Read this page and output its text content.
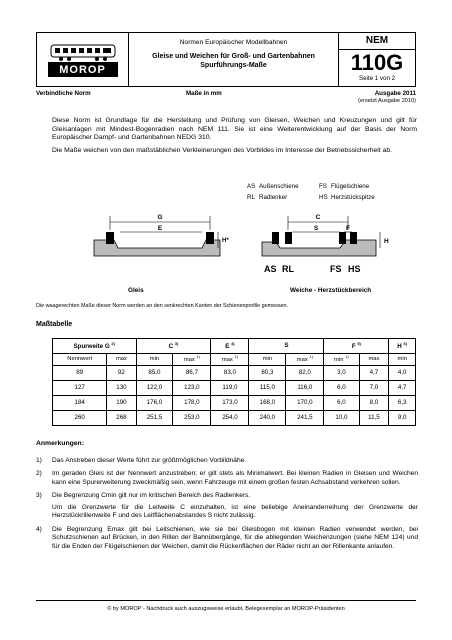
MOROP
Normen Europäischer Modellbahnen
Gleise und Weichen für Groß- und Gartenbahnen
Spurführungs-Maße
NEM
110G
Seite 1 von 2
Verbindliche Norm	Maße in mm	Ausgabe 2011
(ersetzt Ausgabe 2010)

Diese Norm ist Grundlage für die Herstellung und Prüfung von Gleisen, Weichen und Kreuzungen und gilt für Gleisanlagen mit Mindest-Bogenradien nach NEM 111. Sie ist eine Weiterentwicklung auf der Basis der Norm Europäischer Dampf- und Gartenbahnen NEDG 310.

Die Maße weichen von den maßstäblichen Verkleinerungen des Vorbildes im Interesse der Betriebssicherheit ab.

AS Außenschiene	FS Flügelschiene
RL Radlenker	HS Herzstückspitze
G
E
H*
C
S	F
H
AS RL	FS HS
Gleis	Weiche - Herzstückbereich
Die waagerechten Maße dieser Norm werden an den senkrechten Kanten der Schienenprofile gemessen.
Maßtabelle
Spurweite G $^{2)}$		C $^{3)}$		E $^{4)}$	S		F $^{5)}$		H $^{6)}$
Nennwert	max	min	max $^{1)}$	max $^{1)}$	min	max $^{1)}$	min $^{1)}$	max	min
89	92	85,0	86,7	83,0	80,3	82,0	3,0	4,7	4,0
127	130	122,0	123,0	119,0	115,0	116,0	6,0	7,0	4,7
184	190	176,0	178,0	173,0	168,0	170,0	6,0	8,0	6,3
260	268	251,5	253,0	254,0	240,0	241,5	10,0	11,5	9,0
Anmerkungen:
1)	Das Anstreben dieser Werte führt zur größtmöglichen Vorbildnähe.
2)	Im geraden Gleis ist der Nennwert anzustreben; er gilt stets als Minimalwert. Bei kleinen Radien in Gleisen und Weichen kann eine Spurerweiterung zweckmäßig sein, wenn Fahrzeuge mit einem großen festen Achsabstand verkehren sollen.
3)	Die Begrenzung Cmin gilt nur im kritischen Bereich des Radlenkers.
Um die Grenzwerte für die Leitweite C einzuhalten, ist eine beliebige Aneinanderreihung der Grenzwerte der Herzstückrillenweite F und des Leitflächenabstandes S nicht zulässig.
4)	Die Begrenzung Emax gilt bei Leitschienen, wie sie bei Gleisbogen mit kleinen Radien verwendet werden, bei Schutzschienen auf Brücken, in den Rillen der Bahnübergänge, für die abliegenden Weichenzungen (siehe NEM 124) und für die Enden der Flügelschienen der Weichen, damit die Rückenflächen der Räder nicht an der Rillenkante anlaufen.
© by MOROP - Nachdruck auch auszugsweise erlaubt, Belegexemplar an MOROP-Präsidenten
